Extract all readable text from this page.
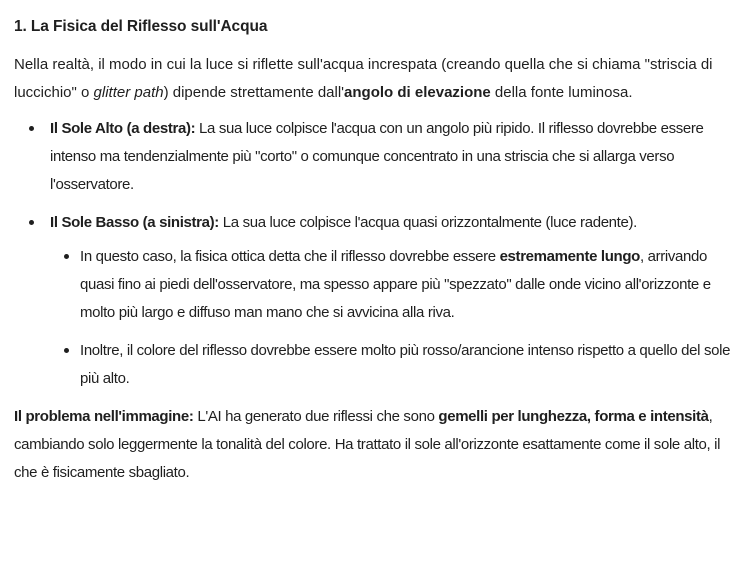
1. La Fisica del Riflesso sull'Acqua

Nella realtà, il modo in cui la luce si riflette sull'acqua increspata (creando quella che si chiama "striscia di luccichio" o glitter path) dipende strettamente dall'angolo di elevazione della fonte luminosa.

Il Sole Alto (a destra): La sua luce colpisce l'acqua con un angolo più ripido. Il riflesso dovrebbe essere intenso ma tendenzialmente più "corto" o comunque concentrato in una striscia che si allarga verso l'osservatore.
Il Sole Basso (a sinistra): La sua luce colpisce l'acqua quasi orizzontalmente (luce radente).
In questo caso, la fisica ottica detta che il riflesso dovrebbe essere estremamente lungo, arrivando quasi fino ai piedi dell'osservatore, ma spesso appare più "spezzato" dalle onde vicino all'orizzonte e molto più largo e diffuso man mano che si avvicina alla riva.
Inoltre, il colore del riflesso dovrebbe essere molto più rosso/arancione intenso rispetto a quello del sole più alto.

Il problema nell'immagine: L'AI ha generato due riflessi che sono gemelli per lunghezza, forma e intensità, cambiando solo leggermente la tonalità del colore. Ha trattato il sole all'orizzonte esattamente come il sole alto, il che è fisicamente sbagliato.
